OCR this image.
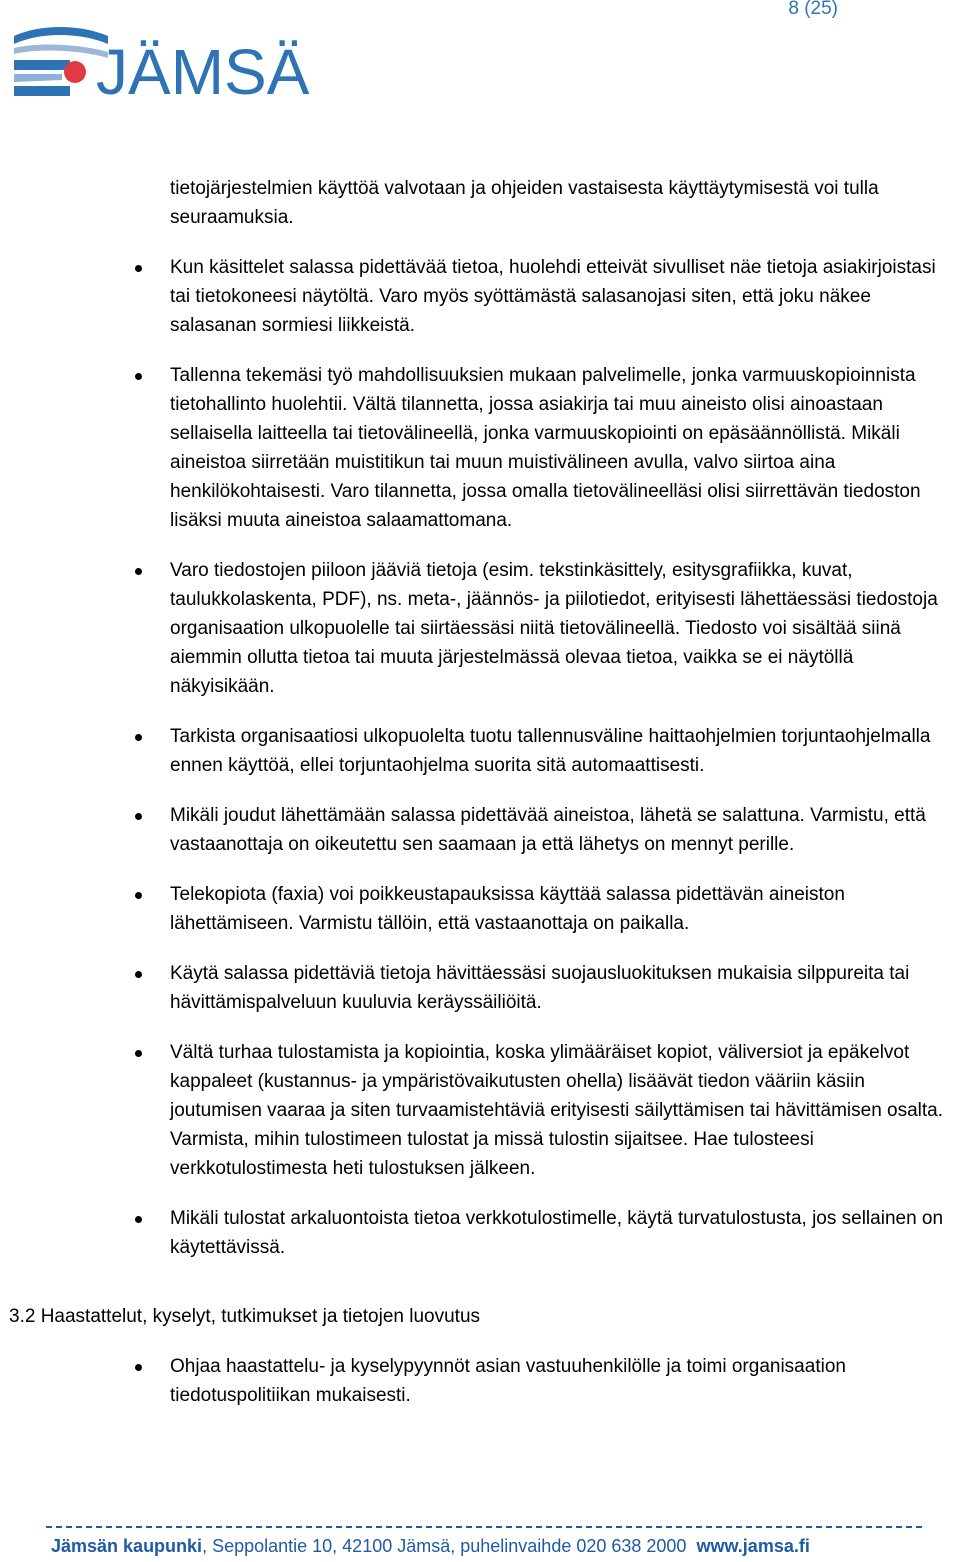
8 (25)
JÄMSÄ

tietojärjestelmien käyttöä valvotaan ja ohjeiden vastaisesta käyttäytymisestä voi tulla seuraamuksia.

Kun käsittelet salassa pidettävää tietoa, huolehdi etteivät sivulliset näe tietoja asiakirjoistasi tai tietokoneesi näytöltä. Varo myös syöttämästä salasanojasi siten, että joku näkee salasanan sormiesi liikkeistä.
Tallenna tekemäsi työ mahdollisuuksien mukaan palvelimelle, jonka varmuuskopioinnista tietohallinto huolehtii. Vältä tilannetta, jossa asiakirja tai muu aineisto olisi ainoastaan sellaisella laitteella tai tietovälineellä, jonka varmuuskopiointi on epäsäännöllistä. Mikäli aineistoa siirretään muistitikun tai muun muistivälineen avulla, valvo siirtoa aina henkilökohtaisesti. Varo tilannetta, jossa omalla tietovälineelläsi olisi siirrettävän tiedoston lisäksi muuta aineistoa salaamattomana.
Varo tiedostojen piiloon jääviä tietoja (esim. tekstinkäsittely, esitysgrafiikka, kuvat, taulukkolaskenta, PDF), ns. meta-, jäännös- ja piilotiedot, erityisesti lähettäessäsi tiedostoja organisaation ulkopuolelle tai siirtäessäsi niitä tietovälineellä. Tiedosto voi sisältää siinä aiemmin ollutta tietoa tai muuta järjestelmässä olevaa tietoa, vaikka se ei näytöllä näkyisikään.
Tarkista organisaatiosi ulkopuolelta tuotu tallennusväline haittaohjelmien torjuntaohjelmalla ennen käyttöä, ellei torjuntaohjelma suorita sitä automaattisesti.
Mikäli joudut lähettämään salassa pidettävää aineistoa, lähetä se salattuna. Varmistu, että vastaanottaja on oikeutettu sen saamaan ja että lähetys on mennyt perille.
Telekopiota (faxia) voi poikkeustapauksissa käyttää salassa pidettävän aineiston lähettämiseen. Varmistu tällöin, että vastaanottaja on paikalla.
Käytä salassa pidettäviä tietoja hävittäessäsi suojausluokituksen mukaisia silppureita tai hävittämispalveluun kuuluvia keräyssäiliöitä.
Vältä turhaa tulostamista ja kopiointia, koska ylimääräiset kopiot, väliversiot ja epäkelvot kappaleet (kustannus- ja ympäristövaikutusten ohella) lisäävät tiedon vääriin käsiin joutumisen vaaraa ja siten turvaamistehtäviä erityisesti säilyttämisen tai hävittämisen osalta. Varmista, mihin tulostimeen tulostat ja missä tulostin sijaitsee. Hae tulosteesi verkkotulostimesta heti tulostuksen jälkeen.
Mikäli tulostat arkaluontoista tietoa verkkotulostimelle, käytä turvatulostusta, jos sellainen on käytettävissä.
3.2 Haastattelut, kyselyt, tutkimukset ja tietojen luovutus
Ohjaa haastattelu- ja kyselypyynnöt asian vastuuhenkilölle ja toimi organisaation tiedotuspolitiikan mukaisesti.
Jämsän kaupunki, Seppolantie 10, 42100 Jämsä, puhelinvaihde 020 638 2000 www.jamsa.fi
